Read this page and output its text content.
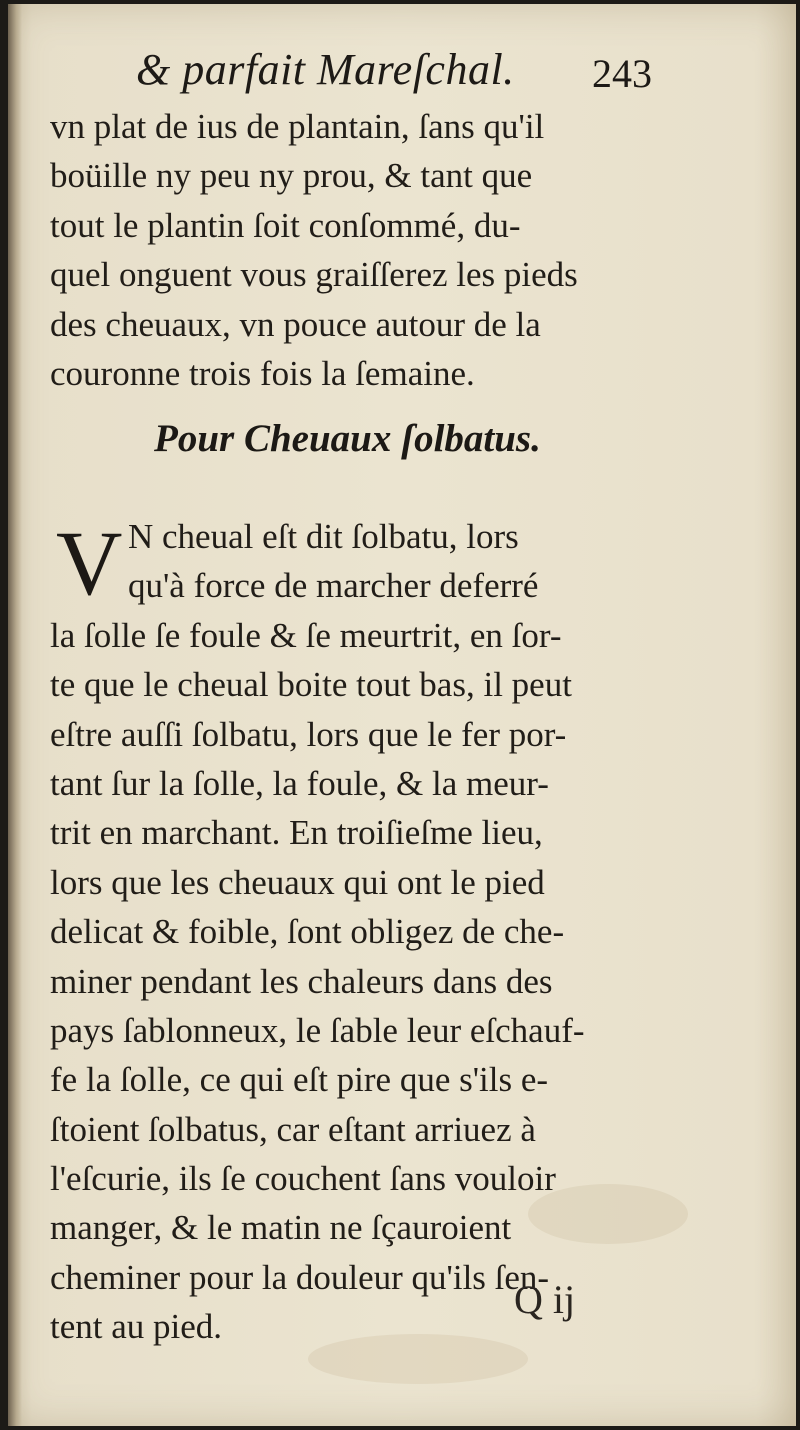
& parfait Mareſchal. 243
vn plat de ius de plantain, ſans qu'il
boüille ny peu ny prou, & tant que
tout le plantin ſoit conſommé, du-
quel onguent vous graiſſerez les pieds
des cheuaux, vn pouce autour de la
couronne trois fois la ſemaine.
Pour Cheuaux ſolbatus.
V N cheual eſt dit ſolbatu, lors
qu'à force de marcher deferré
la ſolle ſe foule & ſe meurtrit, en ſor-
te que le cheual boite tout bas, il peut
eſtre auſſi ſolbatu, lors que le fer por-
tant ſur la ſolle, la foule, & la meur-
trit en marchant. En troiſieſme lieu,
lors que les cheuaux qui ont le pied
delicat & foible, ſont obligez de che-
miner pendant les chaleurs dans des
pays ſablonneux, le ſable leur eſchauf-
fe la ſolle, ce qui eſt pire que s'ils e-
ſtoient ſolbatus, car eſtant arriuez à
l'eſcurie, ils ſe couchent ſans vouloir
manger, & le matin ne ſçauroient
cheminer pour la douleur qu'ils ſen-
tent au pied.
Q ij
